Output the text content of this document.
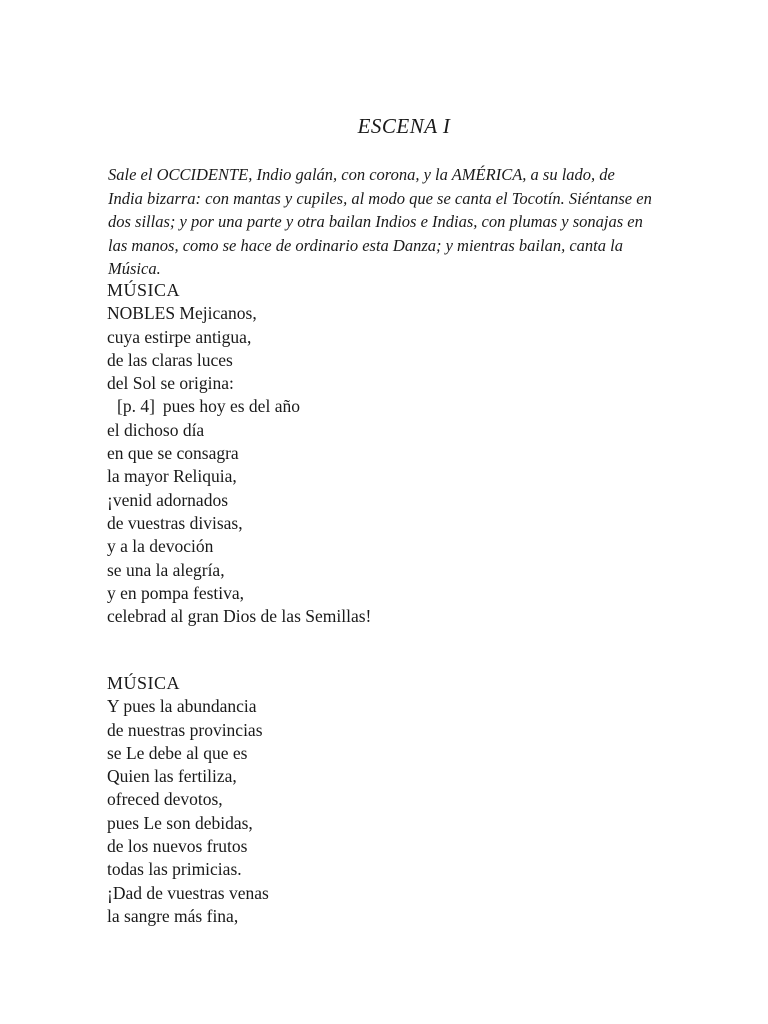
ESCENA I
Sale el OCCIDENTE, Indio galán, con corona, y la AMÉRICA, a su lado, de
India bizarra: con mantas y cupiles, al modo que se canta el Tocotín. Siéntanse en
dos sillas; y por una parte y otra bailan Indios e Indias, con plumas y sonajas en
las manos, como se hace de ordinario esta Danza; y mientras bailan, canta la
Música.
MÚSICA
NOBLES Mejicanos,
cuya estirpe antigua,
de las claras luces
del Sol se origina:
[p. 4] pues hoy es del año
el dichoso día
en que se consagra
la mayor Reliquia,
¡venid adornados
de vuestras divisas,
y a la devoción
se una la alegría,
y en pompa festiva,
celebrad al gran Dios de las Semillas!
MÚSICA
Y pues la abundancia
de nuestras provincias
se Le debe al que es
Quien las fertiliza,
ofreced devotos,
pues Le son debidas,
de los nuevos frutos
todas las primicias.
¡Dad de vuestras venas
la sangre más fina,
